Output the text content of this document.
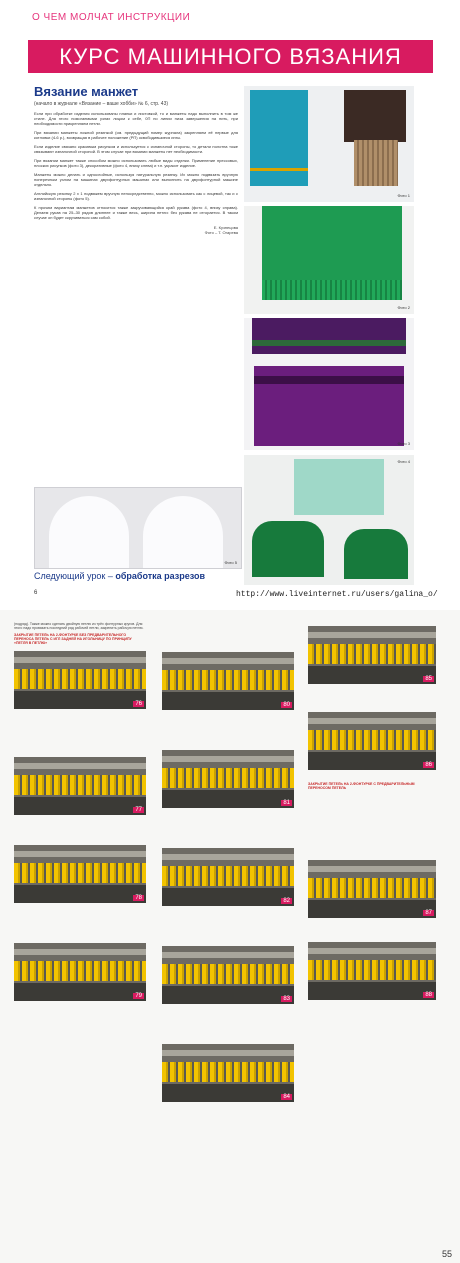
О ЧЕМ МОЛЧАТ ИНСТРУКЦИИ
КУРС МАШИННОГО ВЯЗАНИЯ
Вязание манжет
(начало в журнале «Вязание – ваше хобби» № 6, стр. 43)
Если при обработке изделия использованы планки и листовкой, то и манжеты надо выполнить в том же стиле. Для этого помогаемыми узлах лицом к себе, 0П по линии низа завершения на нить, при необходимости прикрепляем петли.
При вязании манжеты ложной резинкой (см. предыдущий номер журнала) закрепляем её первые для котловки (4-6 р.), возвращая в рабочее положение (РП) освободившиеся иглы.
Если изделие связано красивым рисунком и используется с изнаночной стороны, то детали полотна тоже связывают изнаночной стороной. В этом случае при вязании манжеты нет необходимости.
При вязании манжет также способом можно использовать любые виды отделки. Применение прессовых, плоских рисунков (фото 3), декоративные (фото 4, внизу слева) и т.п. украсит изделие.
Манжеты можно делать и однослойные, используя натуральную резинку. Их можно подвязать вручную поперечным узлом на машинах двухфонтурных машинах или выполнить на двухфонтурной машине отдельно.
Английскую резинку 2 х 1 подвяжем вручную непосредственно, можно использовать как с лицевой, так и с изнаночной стороны (фото 5).
К прочим вариантам манжетов относится также закручивающийся край рукава (фото 4, внизу справа). Делаем рукав на 25–30 рядов длиннее и также весь, ширина петли: без рукава не отгорается. В таком случае он будет скручиваться сам собой.
Е. Кузнецова
Фото – Т. Огарева
Фото 1
Фото 2
Фото 3
Фото 4
Фото 5
Следующий урок – обработка разрезов
6	http://www.liveinternet.ru/users/galina_o/
(подряд). Также можно сделать двойную петлю из трёх фонтурных кругов. Для этого надо провязать последний ряд рабочей петли, закрепить рабочую петлю.
ЗАКРЫТИЕ ПЕТЕЛЬ НА 2-ФОНТУРКЕ БЕЗ ПРЕДВАРИТЕЛЬНОГО ПЕРЕНОСА ПЕТЕЛЬ С ИГЛ ЗАДНЕЙ НА ИГОЛЬНИЦУ ПО ПРИНЦИПУ «ПЕТЛЯ В ПЕТЛЮ»
76

77
78
79
80
81
82
83
84
85
86
ЗАКРЫТИЕ ПЕТЕЛЬ НА 2-ФОНТУРКЕ С ПРЕДВАРИТЕЛЬНЫМ ПЕРЕНОСОМ ПЕТЕЛЬ
87
88
55
